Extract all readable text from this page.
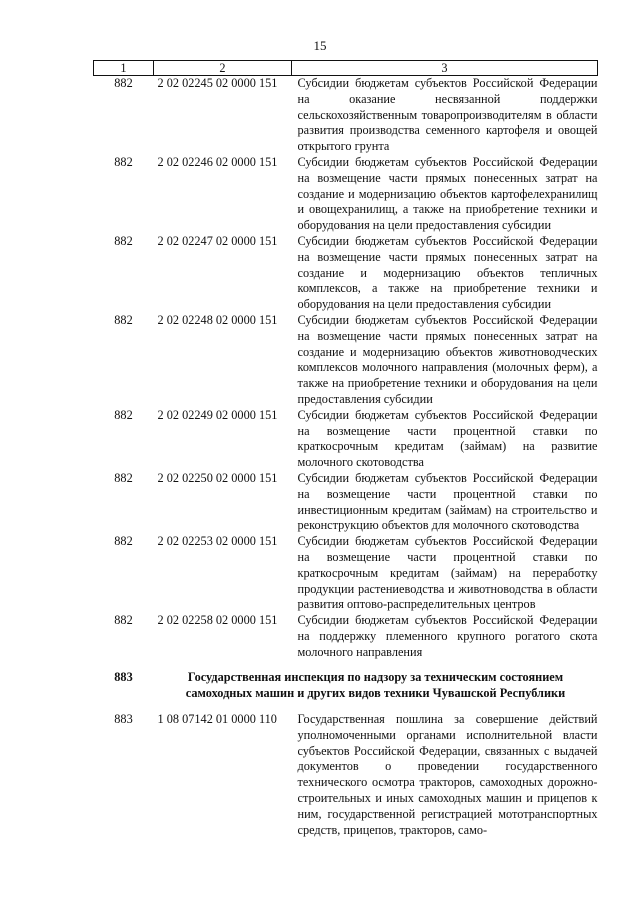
15
1	2	3
882	2 02 02245 02 0000 151	Субсидии бюджетам субъектов Российской Федерации на оказание несвязанной поддержки сельскохозяйственным товаропроизводителям в области развития производства семенного картофеля и овощей открытого грунта
882	2 02 02246 02 0000 151	Субсидии бюджетам субъектов Российской Федерации на возмещение части прямых понесенных затрат на создание и модернизацию объектов картофелехранилищ и овощехранилищ, а также на приобретение техники и оборудования на цели предоставления субсидии
882	2 02 02247 02 0000 151	Субсидии бюджетам субъектов Российской Федерации на возмещение части прямых понесенных затрат на создание и модернизацию объектов тепличных комплексов, а также на приобретение техники и оборудования на цели предоставления субсидии
882	2 02 02248 02 0000 151	Субсидии бюджетам субъектов Российской Федерации на возмещение части прямых понесенных затрат на создание и модернизацию объектов животноводческих комплексов молочного направления (молочных ферм), а также на приобретение техники и оборудования на цели предоставления субсидии
882	2 02 02249 02 0000 151	Субсидии бюджетам субъектов Российской Федерации на возмещение части процентной ставки по краткосрочным кредитам (займам) на развитие молочного скотоводства
882	2 02 02250 02 0000 151	Субсидии бюджетам субъектов Российской Федерации на возмещение части процентной ставки по инвестиционным кредитам (займам) на строительство и реконструкцию объектов для молочного скотоводства
882	2 02 02253 02 0000 151	Субсидии бюджетам субъектов Российской Федерации на возмещение части процентной ставки по краткосрочным кредитам (займам) на переработку продукции растениеводства и животноводства в области развития оптово-распределительных центров
882	2 02 02258 02 0000 151	Субсидии бюджетам субъектов Российской Федерации на поддержку племенного крупного рогатого скота молочного направления
883	Государственная инспекция по надзору за техническим состоянием самоходных машин и других видов техники Чувашской Республики	
883	1 08 07142 01 0000 110	Государственная пошлина за совершение действий уполномоченными органами исполнительной власти субъектов Российской Федерации, связанных с выдачей документов о проведении государственного технического осмотра тракторов, самоходных дорожно-строительных и иных самоходных машин и прицепов к ним, государственной регистрацией мототранспортных средств, прицепов, тракторов, само-
